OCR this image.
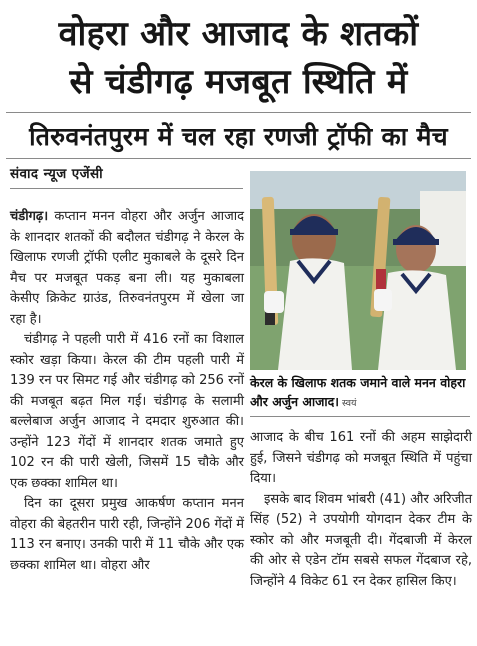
वोहरा और आजाद के शतकों
से चंडीगढ़ मजबूत स्थिति में
तिरुवनंतपुरम में चल रहा रणजी ट्रॉफी का मैच
संवाद न्यूज एजेंसी

चंडीगढ़। कप्तान मनन वोहरा और अर्जुन आजाद के शानदार शतकों की बदौलत चंडीगढ़ ने केरल के खिलाफ रणजी ट्रॉफी एलीट मुकाबले के दूसरे दिन मैच पर मजबूत पकड़ बना ली। यह मुकाबला केसीए क्रिकेट ग्राउंड, तिरुवनंतपुरम में खेला जा रहा है।

चंडीगढ़ ने पहली पारी में 416 रनों का विशाल स्कोर खड़ा किया। केरल की टीम पहली पारी में 139 रन पर सिमट गई और चंडीगढ़ को 256 रनों की मजबूत बढ़त मिल गई। चंडीगढ़ के सलामी बल्लेबाज अर्जुन आजाद ने दमदार शुरुआत की। उन्होंने 123 गेंदों में शानदार शतक जमाते हुए 102 रन की पारी खेली, जिसमें 15 चौके और एक छक्का शामिल था।

दिन का दूसरा प्रमुख आकर्षण कप्तान मनन वोहरा की बेहतरीन पारी रही, जिन्होंने 206 गेंदों में 113 रन बनाए। उनकी पारी में 11 चौके और एक छक्का शामिल था। वोहरा और

केरल के खिलाफ शतक जमाने वाले मनन वोहरा और अर्जुन आजाद। स्वयं

आजाद के बीच 161 रनों की अहम साझेदारी हुई, जिसने चंडीगढ़ को मजबूत स्थिति में पहुंचा दिया।

इसके बाद शिवम भांबरी (41) और अरिजीत सिंह (52) ने उपयोगी योगदान देकर टीम के स्कोर को और मजबूती दी। गेंदबाजी में केरल की ओर से एडेन टॉम सबसे सफल गेंदबाज रहे, जिन्होंने 4 विकेट 61 रन देकर हासिल किए।
